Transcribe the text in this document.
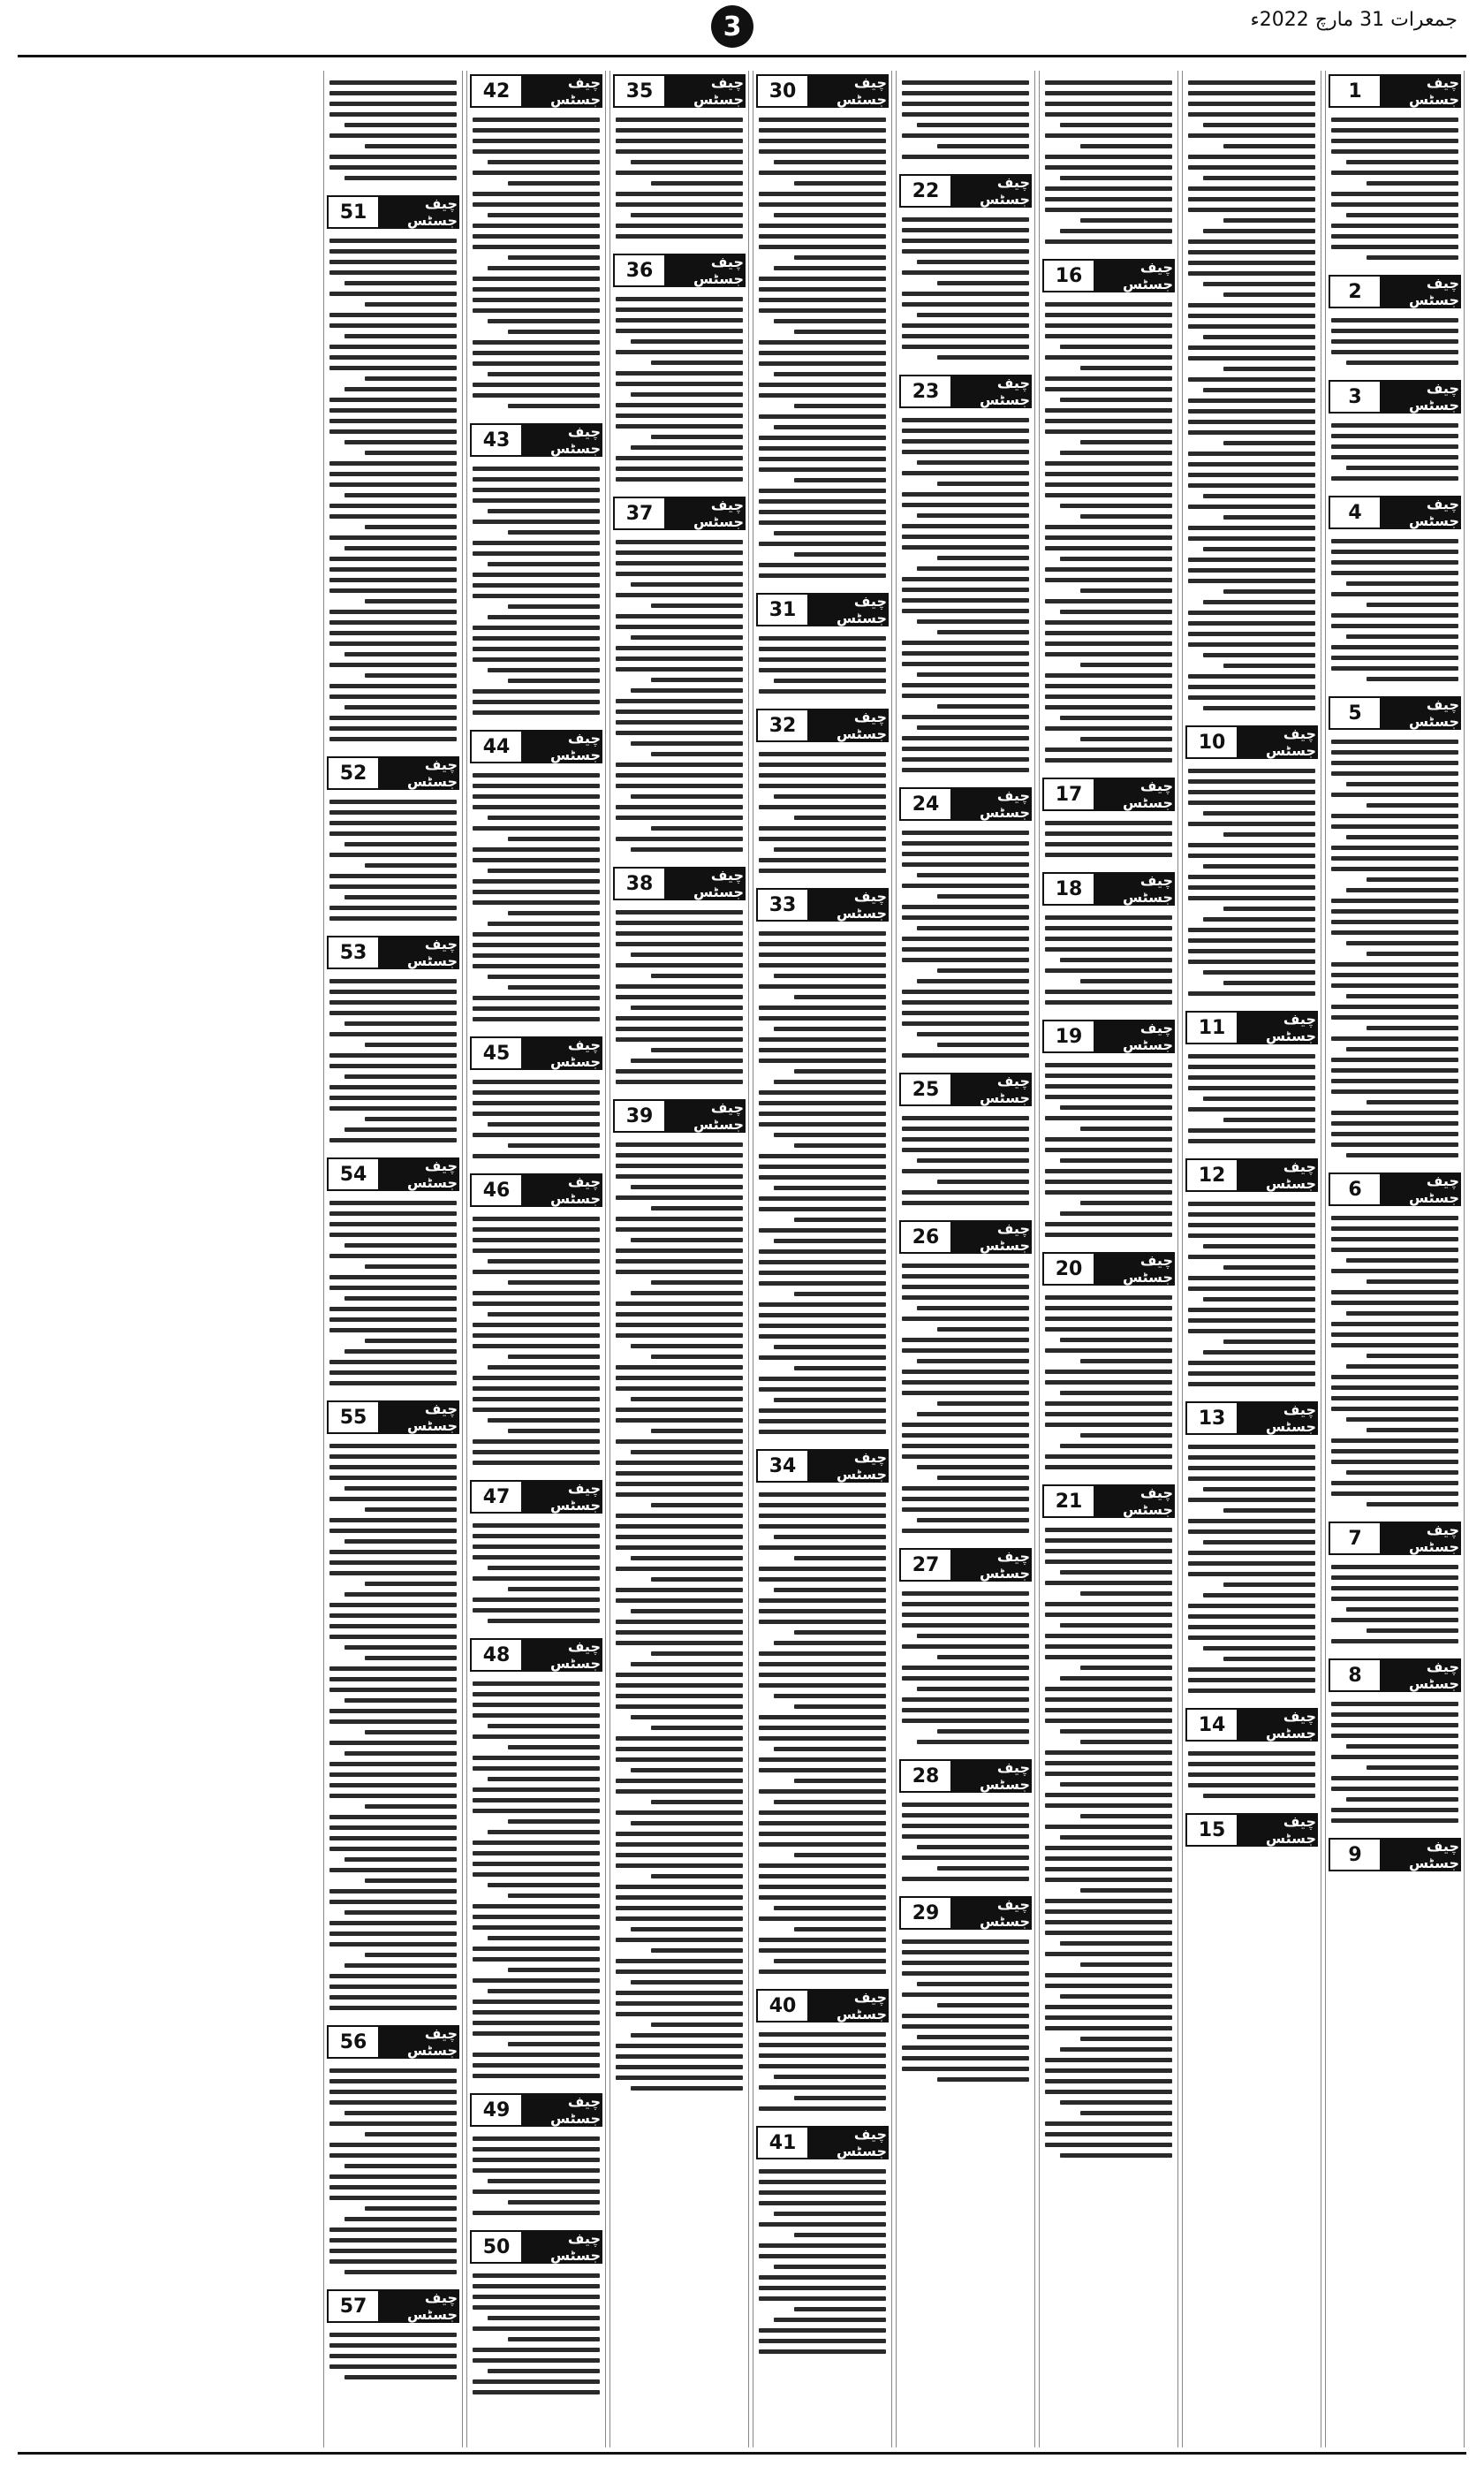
جمعرات 31 مارچ 2022ء
3
1	چیف جسٹس
2	چیف جسٹس
3	چیف جسٹس
4	چیف جسٹس
5	چیف جسٹس
6	چیف جسٹس
7	چیف جسٹس
8	چیف جسٹس
9	چیف جسٹس
10	چیف جسٹس
11	چیف جسٹس
12	چیف جسٹس
13	چیف جسٹس
14	چیف جسٹس
15	چیف جسٹس
16	چیف جسٹس
17	چیف جسٹس
18	چیف جسٹس
19	چیف جسٹس
20	چیف جسٹس
21	چیف جسٹس
22	چیف جسٹس
23	چیف جسٹس
24	چیف جسٹس
25	چیف جسٹس
26	چیف جسٹس
27	چیف جسٹس
28	چیف جسٹس
29	چیف جسٹس
30	چیف جسٹس
31	چیف جسٹس
32	چیف جسٹس
33	چیف جسٹس
34	چیف جسٹس
40	چیف جسٹس
41	چیف جسٹس
35	چیف جسٹس
36	چیف جسٹس
37	چیف جسٹس
38	چیف جسٹس
39	چیف جسٹس
42	چیف جسٹس
43	چیف جسٹس
44	چیف جسٹس
45	چیف جسٹس
46	چیف جسٹس
47	چیف جسٹس
48	چیف جسٹس
49	چیف جسٹس
50	چیف جسٹس
51	چیف جسٹس
52	چیف جسٹس
53	چیف جسٹس
54	چیف جسٹس
55	چیف جسٹس
56	چیف جسٹس
57	چیف جسٹس
